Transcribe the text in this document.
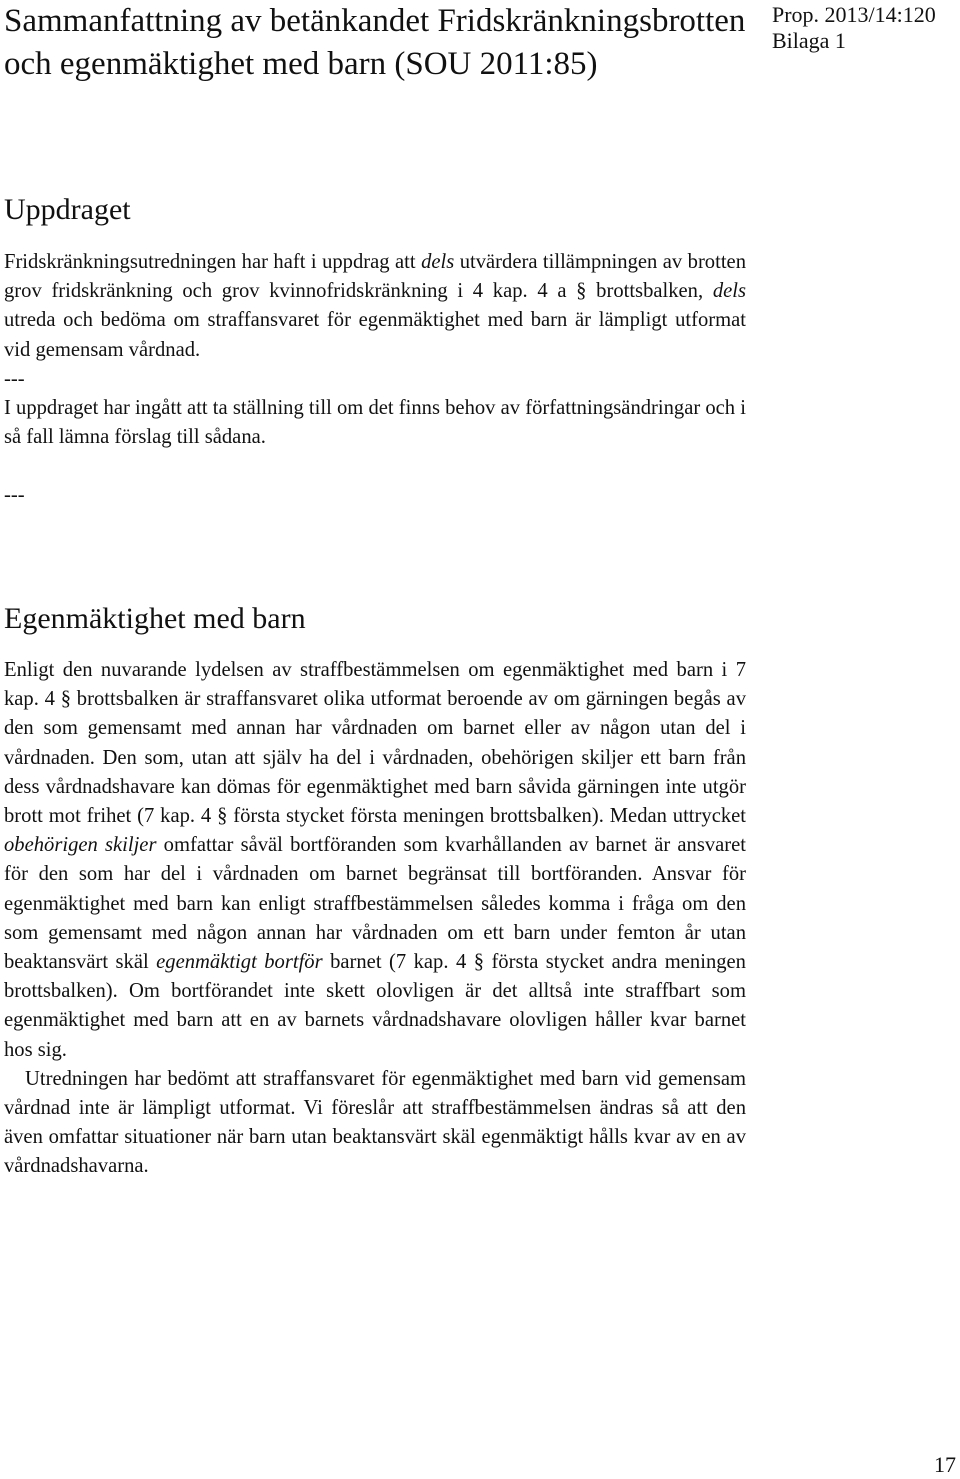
Sammanfattning av betänkandet Fridskränkningsbrotten och egenmäktighet med barn (SOU 2011:85)
Prop. 2013/14:120
Bilaga 1
Uppdraget

Fridskränkningsutredningen har haft i uppdrag att dels utvärdera tillämpningen av brotten grov fridskränkning och grov kvinnofridskränkning i 4 kap. 4 a § brottsbalken, dels utreda och bedöma om straffansvaret för egenmäktighet med barn är lämpligt utformat vid gemensam vårdnad.

---

I uppdraget har ingått att ta ställning till om det finns behov av författningsändringar och i så fall lämna förslag till sådana.

---

Egenmäktighet med barn

Enligt den nuvarande lydelsen av straffbestämmelsen om egenmäktighet med barn i 7 kap. 4 § brottsbalken är straffansvaret olika utformat beroende av om gärningen begås av den som gemensamt med annan har vårdnaden om barnet eller av någon utan del i vårdnaden. Den som, utan att själv ha del i vårdnaden, obehörigen skiljer ett barn från dess vårdnadshavare kan dömas för egenmäktighet med barn såvida gärningen inte utgör brott mot frihet (7 kap. 4 § första stycket första meningen brottsbalken). Medan uttrycket obehörigen skiljer omfattar såväl bortföranden som kvarhållanden av barnet är ansvaret för den som har del i vårdnaden om barnet begränsat till bortföranden. Ansvar för egenmäktighet med barn kan enligt straffbestämmelsen således komma i fråga om den som gemensamt med någon annan har vårdnaden om ett barn under femton år utan beaktansvärt skäl egenmäktigt bortför barnet (7 kap. 4 § första stycket andra meningen brottsbalken). Om bortförandet inte skett olovligen är det alltså inte straffbart som egenmäktighet med barn att en av barnets vårdnadshavare olovligen håller kvar barnet hos sig.

Utredningen har bedömt att straffansvaret för egenmäktighet med barn vid gemensam vårdnad inte är lämpligt utformat. Vi föreslår att straffbestämmelsen ändras så att den även omfattar situationer när barn utan beaktansvärt skäl egenmäktigt hålls kvar av en av vårdnadshavarna.

17
